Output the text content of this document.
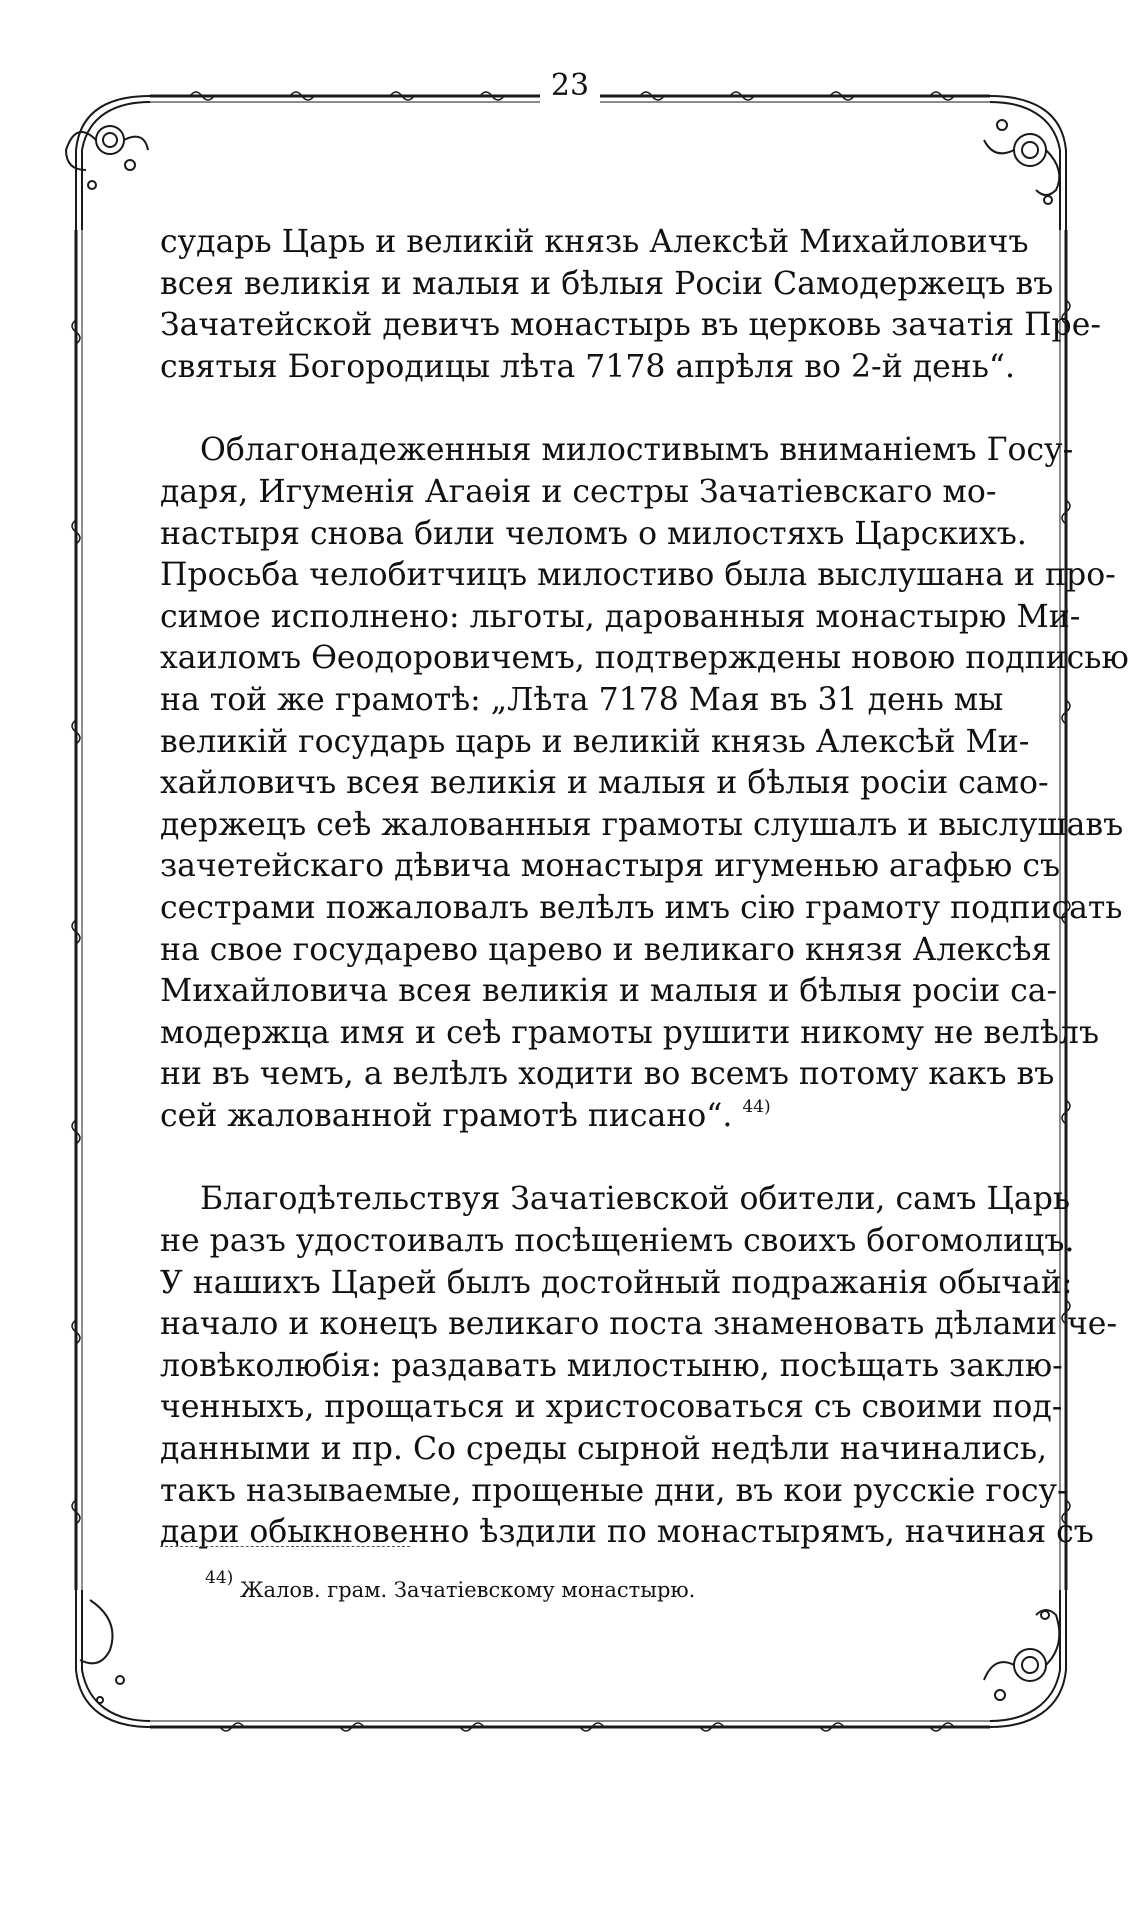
23

сударь Царь и великій князь Алексѣй Михайловичъ
всея великія и малыя и бѣлыя Росіи Самодержецъ въ
Зачатейской девичъ монастырь въ церковь зачатія Пре-
святыя Богородицы лѣта 7178 апрѣля во 2-й день“.

Облагонадеженныя милостивымъ вниманіемъ Госу-
даря, Игуменія Агаѳія и сестры Зачатіевскаго мо-
настыря снова били челомъ о милостяхъ Царскихъ.
Просьба челобитчицъ милостиво была выслушана и про-
симое исполнено: льготы, дарованныя монастырю Ми-
хаиломъ Ѳеодоровичемъ, подтверждены новою подписью
на той же грамотѣ: „Лѣта 7178 Мая въ 31 день мы
великій государь царь и великій князь Алексѣй Ми-
хайловичъ всея великія и малыя и бѣлыя росіи само-
держецъ сеѣ жалованныя грамоты слушалъ и выслушавъ
зачетейскаго дѣвича монастыря игуменью агафью съ
сестрами пожаловалъ велѣлъ имъ сію грамоту подписать
на свое государево царево и великаго князя Алексѣя
Михайловича всея великія и малыя и бѣлыя росіи са-
модержца имя и сеѣ грамоты рушити никому не велѣлъ
ни въ чемъ, а велѣлъ ходити во всемъ потому какъ въ
сей жалованной грамотѣ писано“. $^{44)}$

Благодѣтельствуя Зачатіевской обители, самъ Царь
не разъ удостоивалъ посѣщеніемъ своихъ богомолицъ.
У нашихъ Царей былъ достойный подражанія обычай:
начало и конецъ великаго поста знаменовать дѣлами че-
ловѣколюбія: раздавать милостыню, посѣщать заклю-
ченныхъ, прощаться и христосоваться съ своими под-
данными и пр. Со среды сырной недѣли начинались,
такъ называемые, прощеные дни, въ кои русскіе госу-
дари обыкновенно ѣздили по монастырямъ, начиная съ

$^{44)}$ Жалов. грам. Зачатіевскому монастырю.
